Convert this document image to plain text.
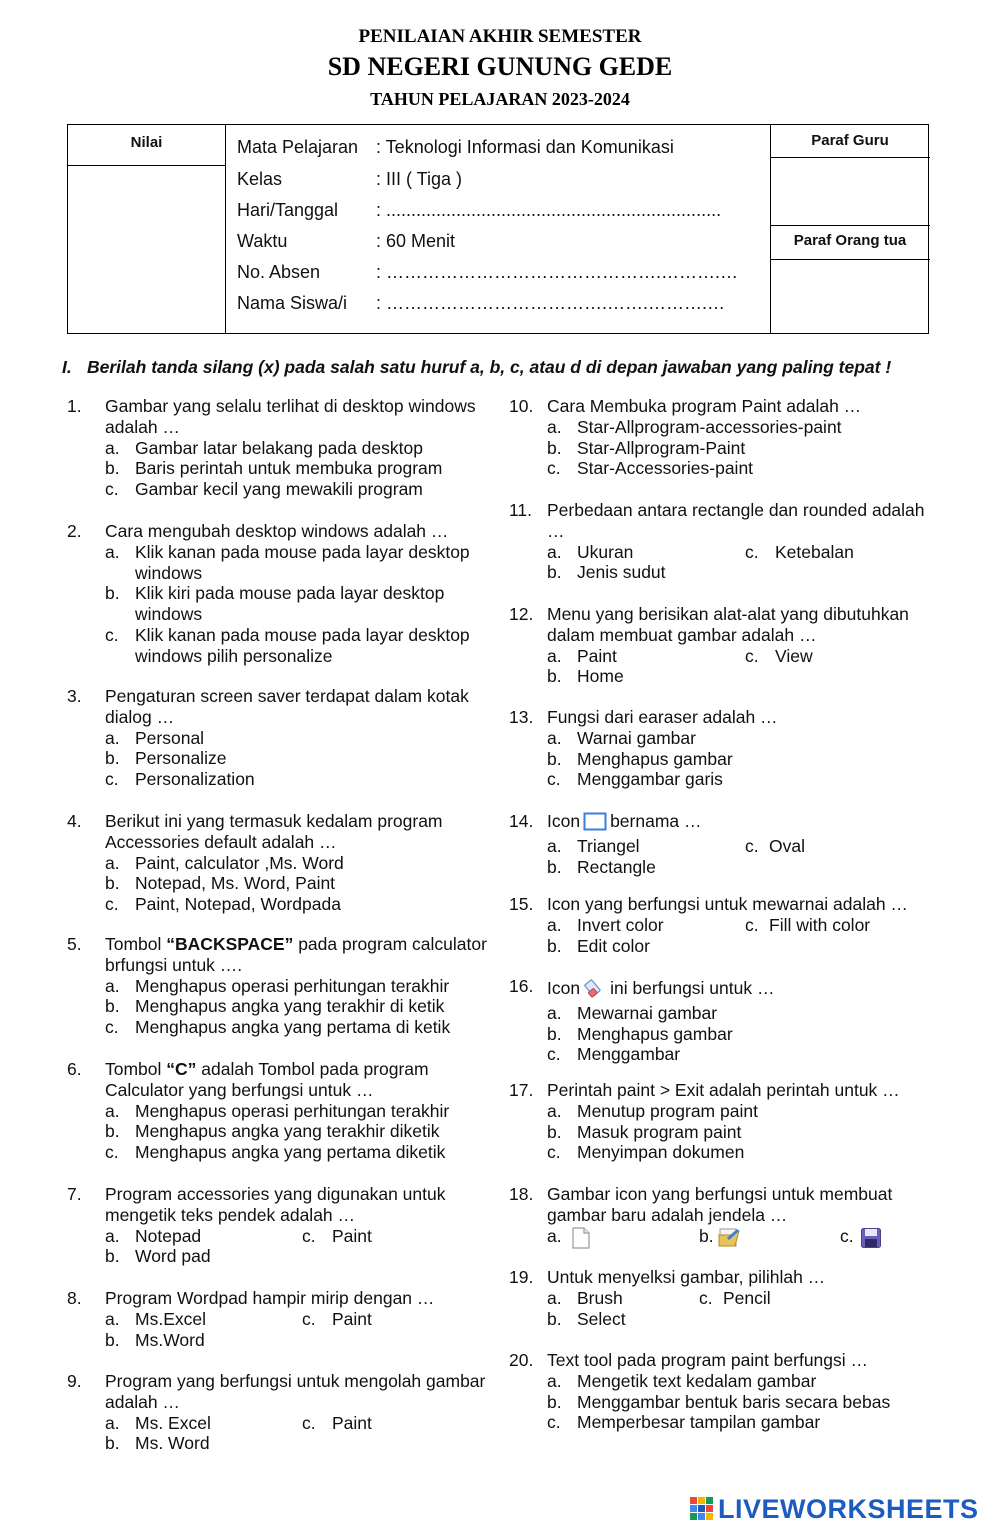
PENILAIAN AKHIR SEMESTER
SD NEGERI GUNUNG GEDE
TAHUN PELAJARAN 2023-2024
Nilai	Paraf Guru
Paraf Orang tua
Mata Pelajaran : Teknologi Informasi dan Komunikasi
Kelas	: III ( Tiga )
Hari/Tanggal : ...................................................................
Waktu	: 60 Menit
No. Absen	: ……………………………………….……….…
Nama Siswa/i : ……………………………….…….……….…
I. Berilah tanda silang (x) pada salah satu huruf a, b, c, atau d di depan jawaban yang paling tepat !
1. Gambar yang selalu terlihat di desktop windows adalah …
a. Gambar latar belakang pada desktop
b. Baris perintah untuk membuka program
c. Gambar kecil yang mewakili program
2. Cara mengubah desktop windows adalah …
a. Klik kanan pada mouse pada layar desktop windows
b. Klik kiri pada mouse pada layar desktop windows
c. Klik kanan pada mouse pada layar desktop windows pilih personalize
3. Pengaturan screen saver terdapat dalam kotak dialog …
a. Personal
b. Personalize
c. Personalization
4. Berikut ini yang termasuk kedalam program Accessories default adalah …
a. Paint, calculator ,Ms. Word
b. Notepad, Ms. Word, Paint
c. Paint, Notepad, Wordpada
5. Tombol “BACKSPACE” pada program calculator brfungsi untuk ….
a. Menghapus operasi perhitungan terakhir
b. Menghapus angka yang terakhir di ketik
c. Menghapus angka yang pertama di ketik
6. Tombol “C” adalah Tombol pada program Calculator yang berfungsi untuk …
a. Menghapus operasi perhitungan terakhir
b. Menghapus angka yang terakhir diketik
c. Menghapus angka yang pertama diketik
7. Program accessories yang digunakan untuk mengetik teks pendek adalah …
a. Notepad	c. Paint
b. Word pad
8. Program Wordpad hampir mirip dengan …
a. Ms.Excel	c. Paint
b. Ms.Word
9. Program yang berfungsi untuk mengolah gambar adalah …
a. Ms. Excel	c. Paint
b. Ms. Word
10. Cara Membuka program Paint adalah …
a. Star-Allprogram-accessories-paint
b. Star-Allprogram-Paint
c. Star-Accessories-paint
11. Perbedaan antara rectangle dan rounded adalah …
a. Ukuran	c. Ketebalan
b. Jenis sudut
12. Menu yang berisikan alat-alat yang dibutuhkan dalam membuat gambar adalah …
a. Paint	c. View
b. Home
13. Fungsi dari earaser adalah …
a. Warnai gambar
b. Menghapus gambar
c. Menggambar garis
14. Icon bernama …
a. Triangel	c. Oval
b. Rectangle
15. Icon yang berfungsi untuk mewarnai adalah …
a. Invert color	c. Fill with color
b. Edit color
16. Icon ini berfungsi untuk …
a. Mewarnai gambar
b. Menghapus gambar
c. Menggambar
17. Perintah paint > Exit adalah perintah untuk …
a. Menutup program paint
b. Masuk program paint
c. Menyimpan dokumen
18. Gambar icon yang berfungsi untuk membuat gambar baru adalah jendela …
a.	b.	c.
19. Untuk menyelksi gambar, pilihlah …
a. Brush	c. Pencil
b. Select
20. Text tool pada program paint berfungsi …
a. Mengetik text kedalam gambar
b. Menggambar bentuk baris secara bebas
c. Memperbesar tampilan gambar
LIVEWORKSHEETS
